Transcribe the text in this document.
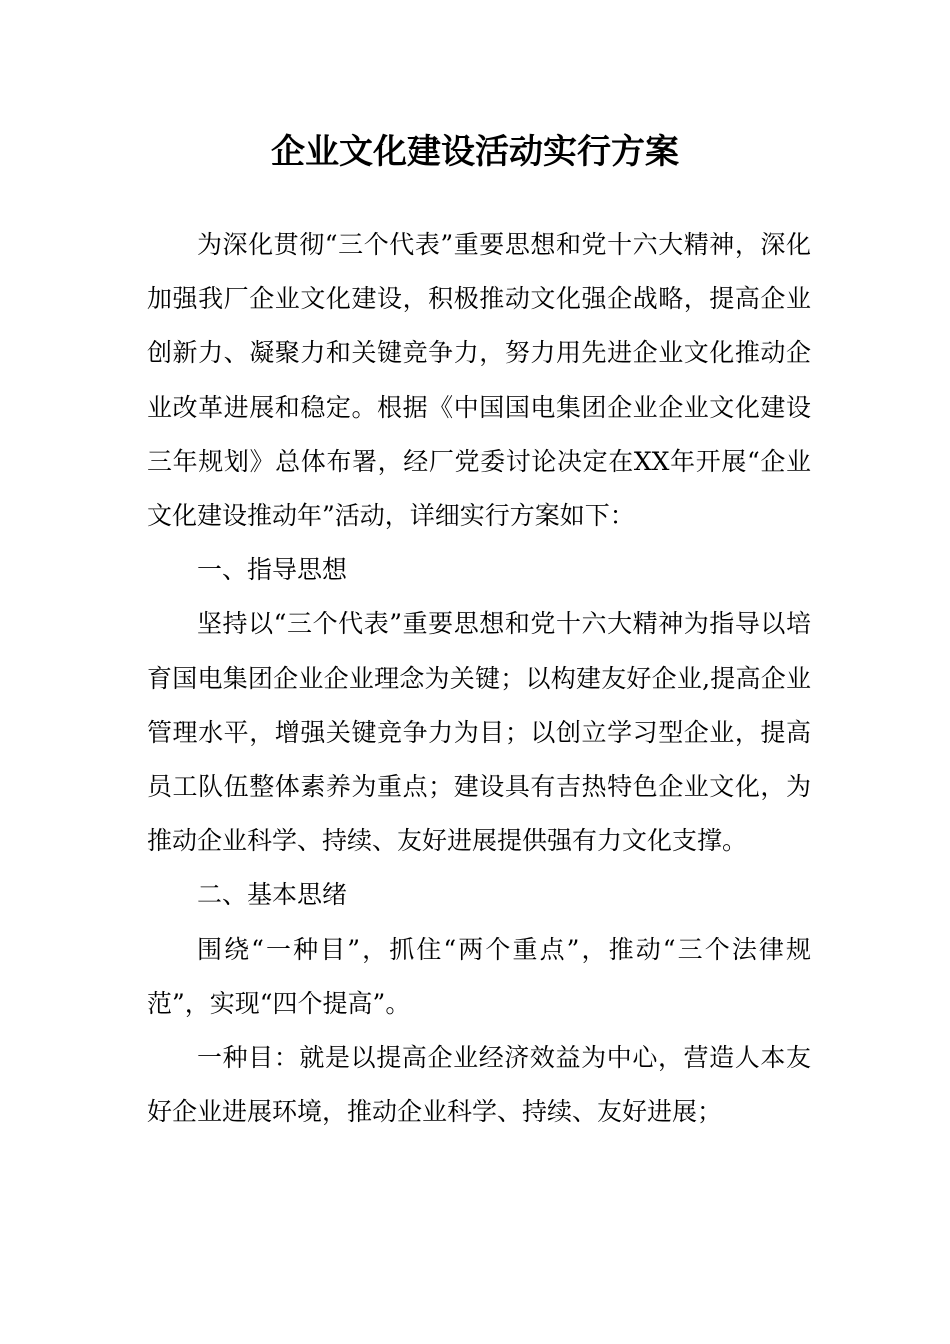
企业文化建设活动实行方案

为深化贯彻“三个代表”重要思想和党十六大精神，深化加强我厂企业文化建设，积极推动文化强企战略，提高企业创新力、凝聚力和关键竞争力，努力用先进企业文化推动企业改革进展和稳定。根据《中国国电集团企业企业文化建设三年规划》总体布署，经厂党委讨论决定在XX年开展“企业文化建设推动年”活动，详细实行方案如下：

一、指导思想

坚持以“三个代表”重要思想和党十六大精神为指导以培育国电集团企业企业理念为关键；以构建友好企业,提高企业管理水平，增强关键竞争力为目；以创立学习型企业，提高员工队伍整体素养为重点；建设具有吉热特色企业文化，为推动企业科学、持续、友好进展提供强有力文化支撑。

二、基本思绪

围绕“一种目”，抓住“两个重点”，推动“三个法律规范”，实现“四个提高”。

一种目：就是以提高企业经济效益为中心，营造人本友好企业进展环境，推动企业科学、持续、友好进展；
